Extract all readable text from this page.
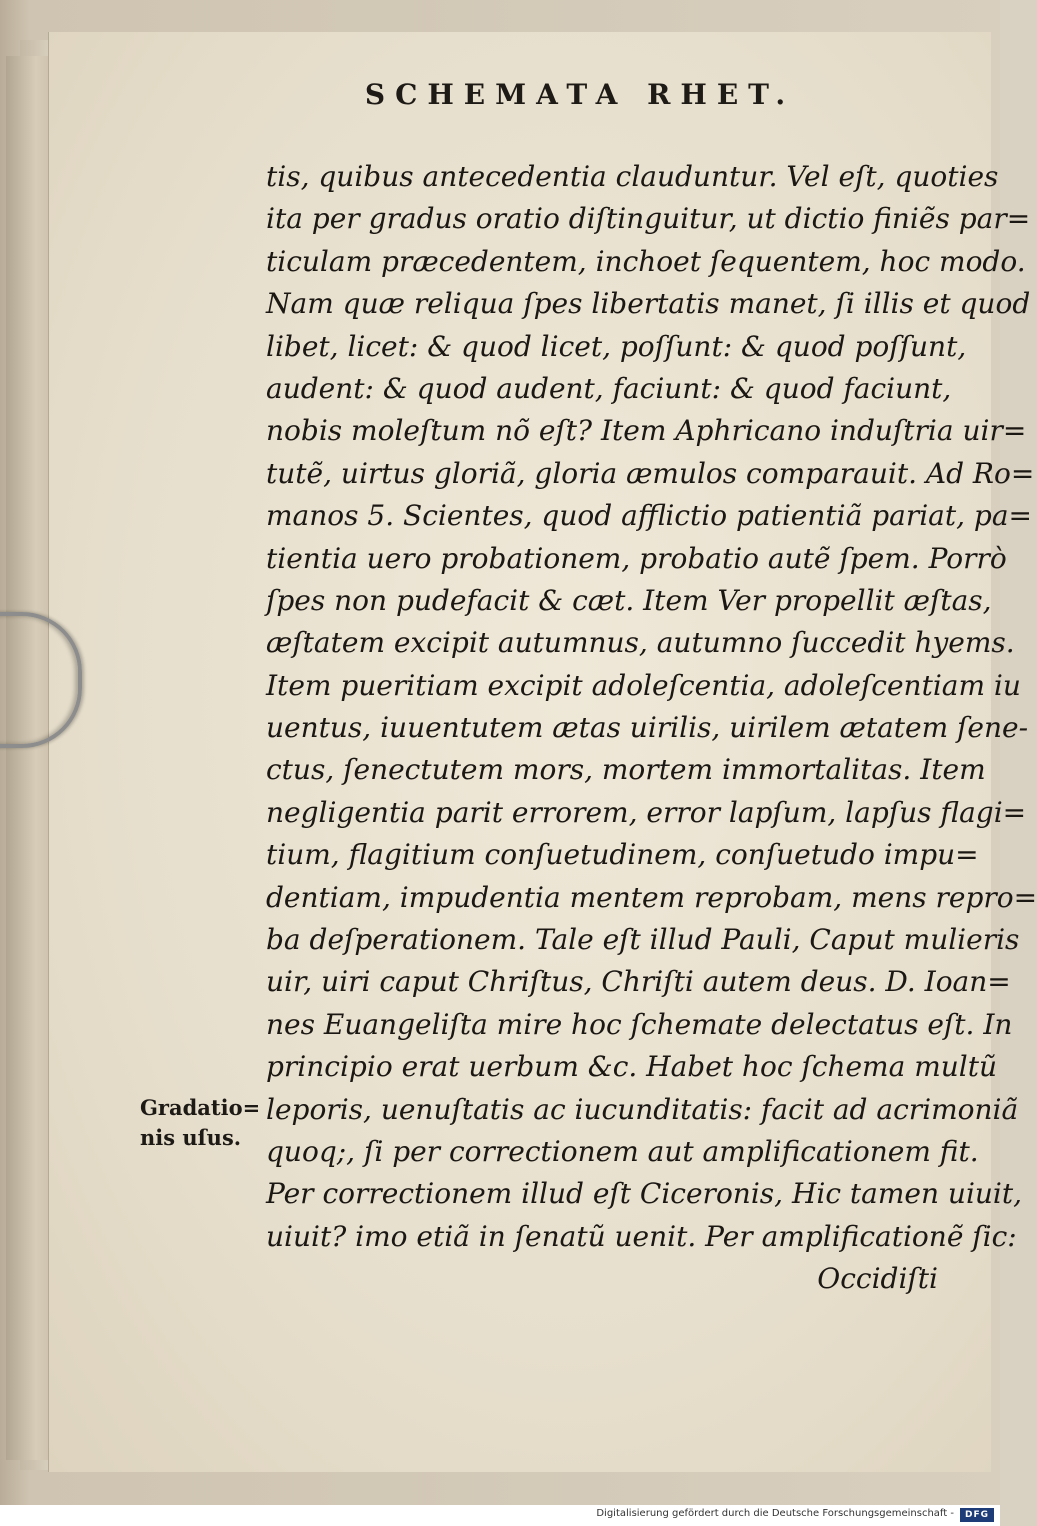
SCHEMATA RHET.
tis, quibus antecedentia clauduntur. Vel eſt, quoties
ita per gradus oratio diſtinguitur, ut dictio finiẽs par=
ticulam præcedentem, inchoet ſequentem, hoc modo.
Nam quæ reliqua ſpes libertatis manet, ſi illis et quod
libet, licet: & quod licet, poſſunt: & quod poſſunt,
audent: & quod audent, faciunt: & quod faciunt,
nobis moleſtum nõ eſt? Item Aphricano induſtria uir=
tutẽ, uirtus gloriã, gloria æmulos comparauit. Ad Ro=
manos 5. Scientes, quod afflictio patientiã pariat, pa=
tientia uero probationem, probatio autẽ ſpem. Porrò
ſpes non pudefacit & cæt. Item Ver propellit æſtas,
æſtatem excipit autumnus, autumno ſuccedit hyems.
Item pueritiam excipit adoleſcentia, adoleſcentiam iu
uentus, iuuentutem ætas uirilis, uirilem ætatem ſene-
ctus, ſenectutem mors, mortem immortalitas. Item
negligentia parit errorem, error lapſum, lapſus flagi=
tium, flagitium conſuetudinem, conſuetudo impu=
dentiam, impudentia mentem reprobam, mens repro=
ba deſperationem. Tale eſt illud Pauli, Caput mulieris
uir, uiri caput Chriſtus, Chriſti autem deus. D. Ioan=
nes Euangeliſta mire hoc ſchemate delectatus eſt. In
principio erat uerbum &c. Habet hoc ſchema multũ
leporis, uenuſtatis ac iucunditatis: facit ad acrimoniã
quoq;, ſi per correctionem aut amplificationem fit.
Per correctionem illud eſt Ciceronis, Hic tamen uiuit,
uiuit? imo etiã in ſenatũ uenit. Per amplificationẽ ſic:
Occidiſti
Gradatio=
nis uſus.
Digitalisierung gefördert durch die Deutsche Forschungsgemeinschaft -	DFG
